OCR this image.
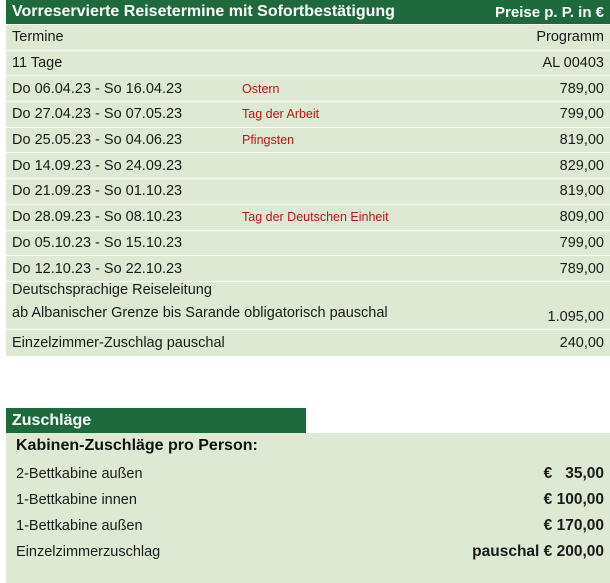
Vorreservierte Reisetermine mit Sofortbestätigung	Preise p. P. in €
Termine	Programm
11 Tage	AL 00403
Do 06.04.23 - So 16.04.23	Ostern	789,00
Do 27.04.23 - So 07.05.23	Tag der Arbeit	799,00
Do 25.05.23 - So 04.06.23	Pfingsten	819,00
Do 14.09.23 - So 24.09.23	829,00
Do 21.09.23 - So 01.10.23	819,00
Do 28.09.23 - So 08.10.23	Tag der Deutschen Einheit	809,00
Do 05.10.23 - So 15.10.23	799,00
Do 12.10.23 - So 22.10.23	789,00
Deutschsprachige Reiseleitung
ab Albanischer Grenze bis Sarande obligatorisch pauschal	1.095,00
Einzelzimmer-Zuschlag pauschal	240,00
Zuschläge
Kabinen-Zuschläge pro Person:
2-Bettkabine außen	€   35,00
1-Bettkabine innen	€ 100,00
1-Bettkabine außen	€ 170,00
Einzelzimmerzuschlag	pauschal € 200,00
